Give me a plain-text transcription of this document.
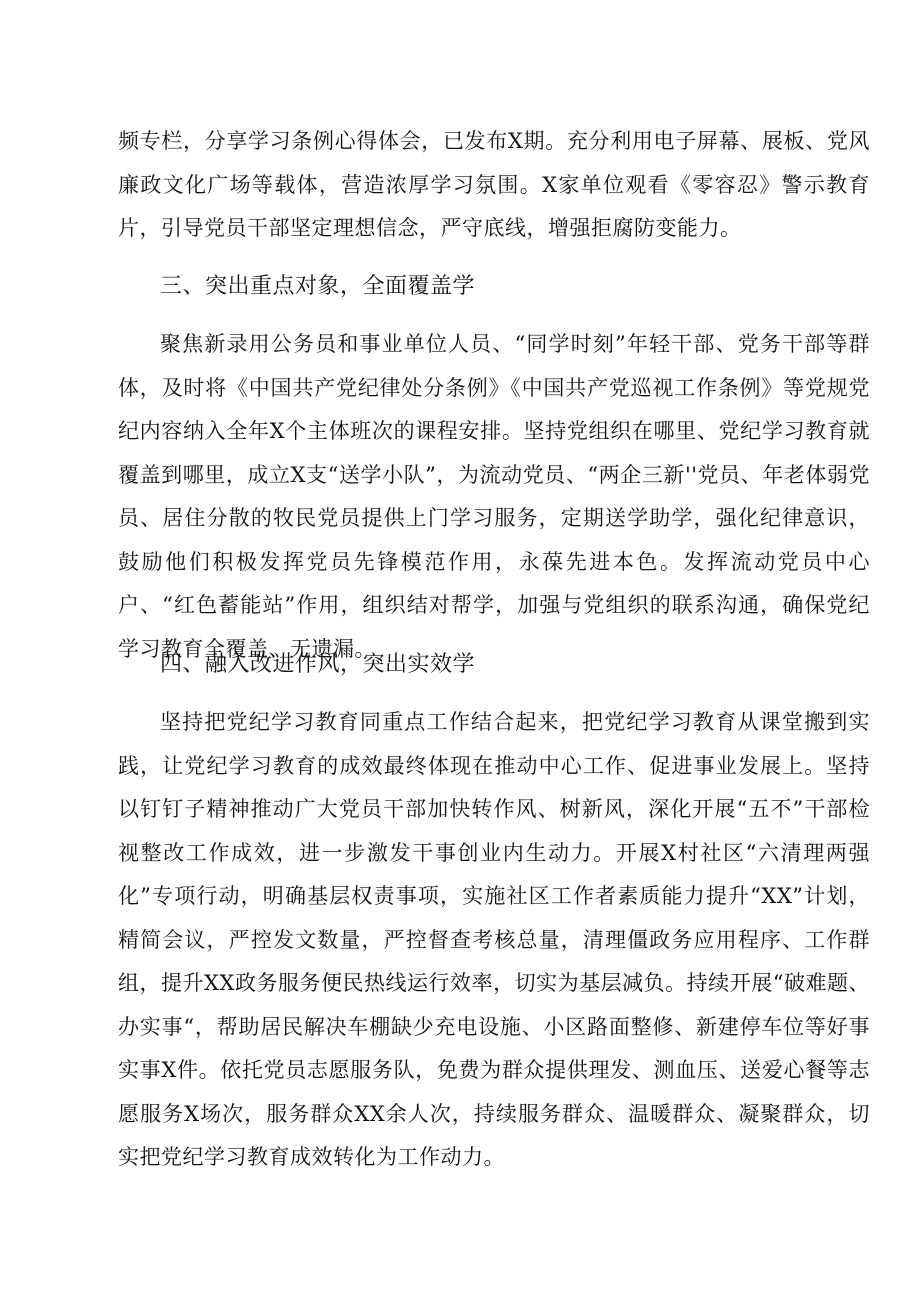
频专栏，分享学习条例心得体会，已发布X期。充分利用电子屏幕、展板、党风廉政文化广场等载体，营造浓厚学习氛围。X家单位观看《零容忍》警示教育片，引导党员干部坚定理想信念，严守底线，增强拒腐防变能力。

三、突出重点对象，全面覆盖学

聚焦新录用公务员和事业单位人员、“同学时刻”年轻干部、党务干部等群体，及时将《中国共产党纪律处分条例》《中国共产党巡视工作条例》等党规党纪内容纳入全年X个主体班次的课程安排。坚持党组织在哪里、党纪学习教育就覆盖到哪里，成立X支“送学小队”，为流动党员、“两企三新''党员、年老体弱党员、居住分散的牧民党员提供上门学习服务，定期送学助学，强化纪律意识，鼓励他们积极发挥党员先锋模范作用，永葆先进本色。发挥流动党员中心户、“红色蓄能站”作用，组织结对帮学，加强与党组织的联系沟通，确保党纪学习教育全覆盖、无遗漏。

四、融入改进作风，突出实效学

坚持把党纪学习教育同重点工作结合起来，把党纪学习教育从课堂搬到实践，让党纪学习教育的成效最终体现在推动中心工作、促进事业发展上。坚持以钉钉子精神推动广大党员干部加快转作风、树新风，深化开展“五不”干部检视整改工作成效，进一步激发干事创业内生动力。开展X村社区“六清理两强化”专项行动，明确基层权责事项，实施社区工作者素质能力提升“XX”计划，精简会议，严控发文数量，严控督查考核总量，清理僵政务应用程序、工作群组，提升XX政务服务便民热线运行效率，切实为基层减负。持续开展“破难题、办实事“，帮助居民解决车棚缺少充电设施、小区路面整修、新建停车位等好事实事X件。依托党员志愿服务队，免费为群众提供理发、测血压、送爱心餐等志愿服务X场次，服务群众XX余人次，持续服务群众、温暖群众、凝聚群众，切实把党纪学习教育成效转化为工作动力。
